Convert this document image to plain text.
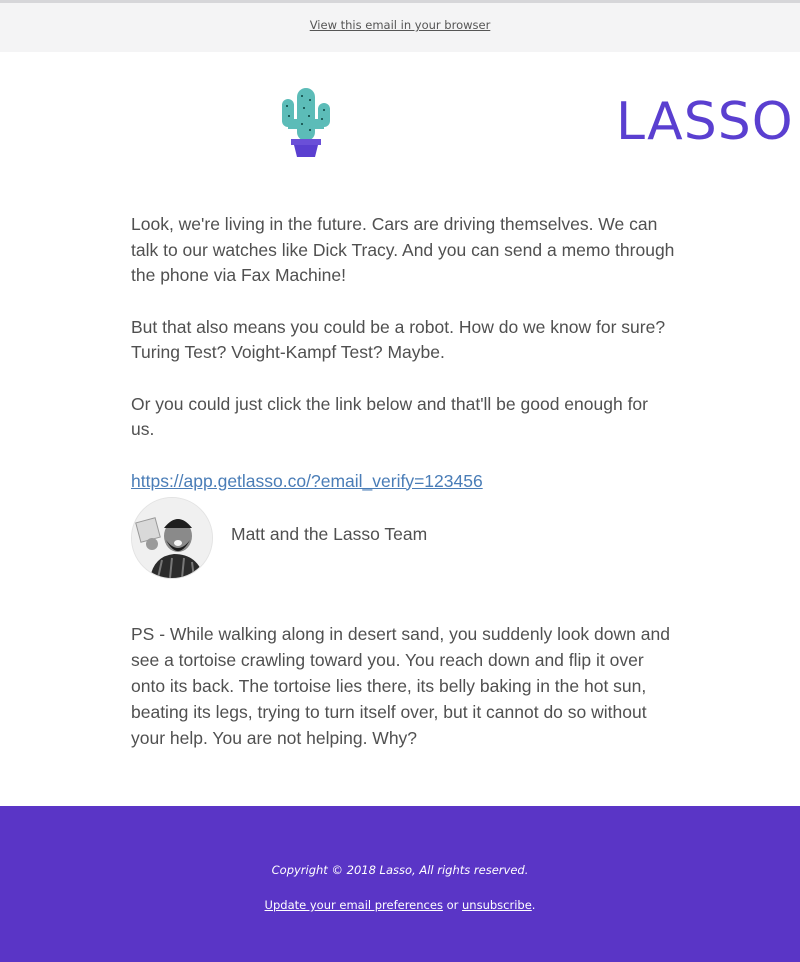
View this email in your browser
LASSO

Look, we're living in the future. Cars are driving themselves. We can talk to our watches like Dick Tracy. And you can send a memo through the phone via Fax Machine!

But that also means you could be a robot. How do we know for sure? Turing Test? Voight-Kampf Test? Maybe.

Or you could just click the link below and that'll be good enough for us.

https://app.getlasso.co/?email_verify=123456

Matt and the Lasso Team

PS - While walking along in desert sand, you suddenly look down and see a tortoise crawling toward you. You reach down and flip it over onto its back. The tortoise lies there, its belly baking in the hot sun, beating its legs, trying to turn itself over, but it cannot do so without your help. You are not helping. Why?

Copyright © 2018 Lasso, All rights reserved.
Update your email preferences or unsubscribe.
